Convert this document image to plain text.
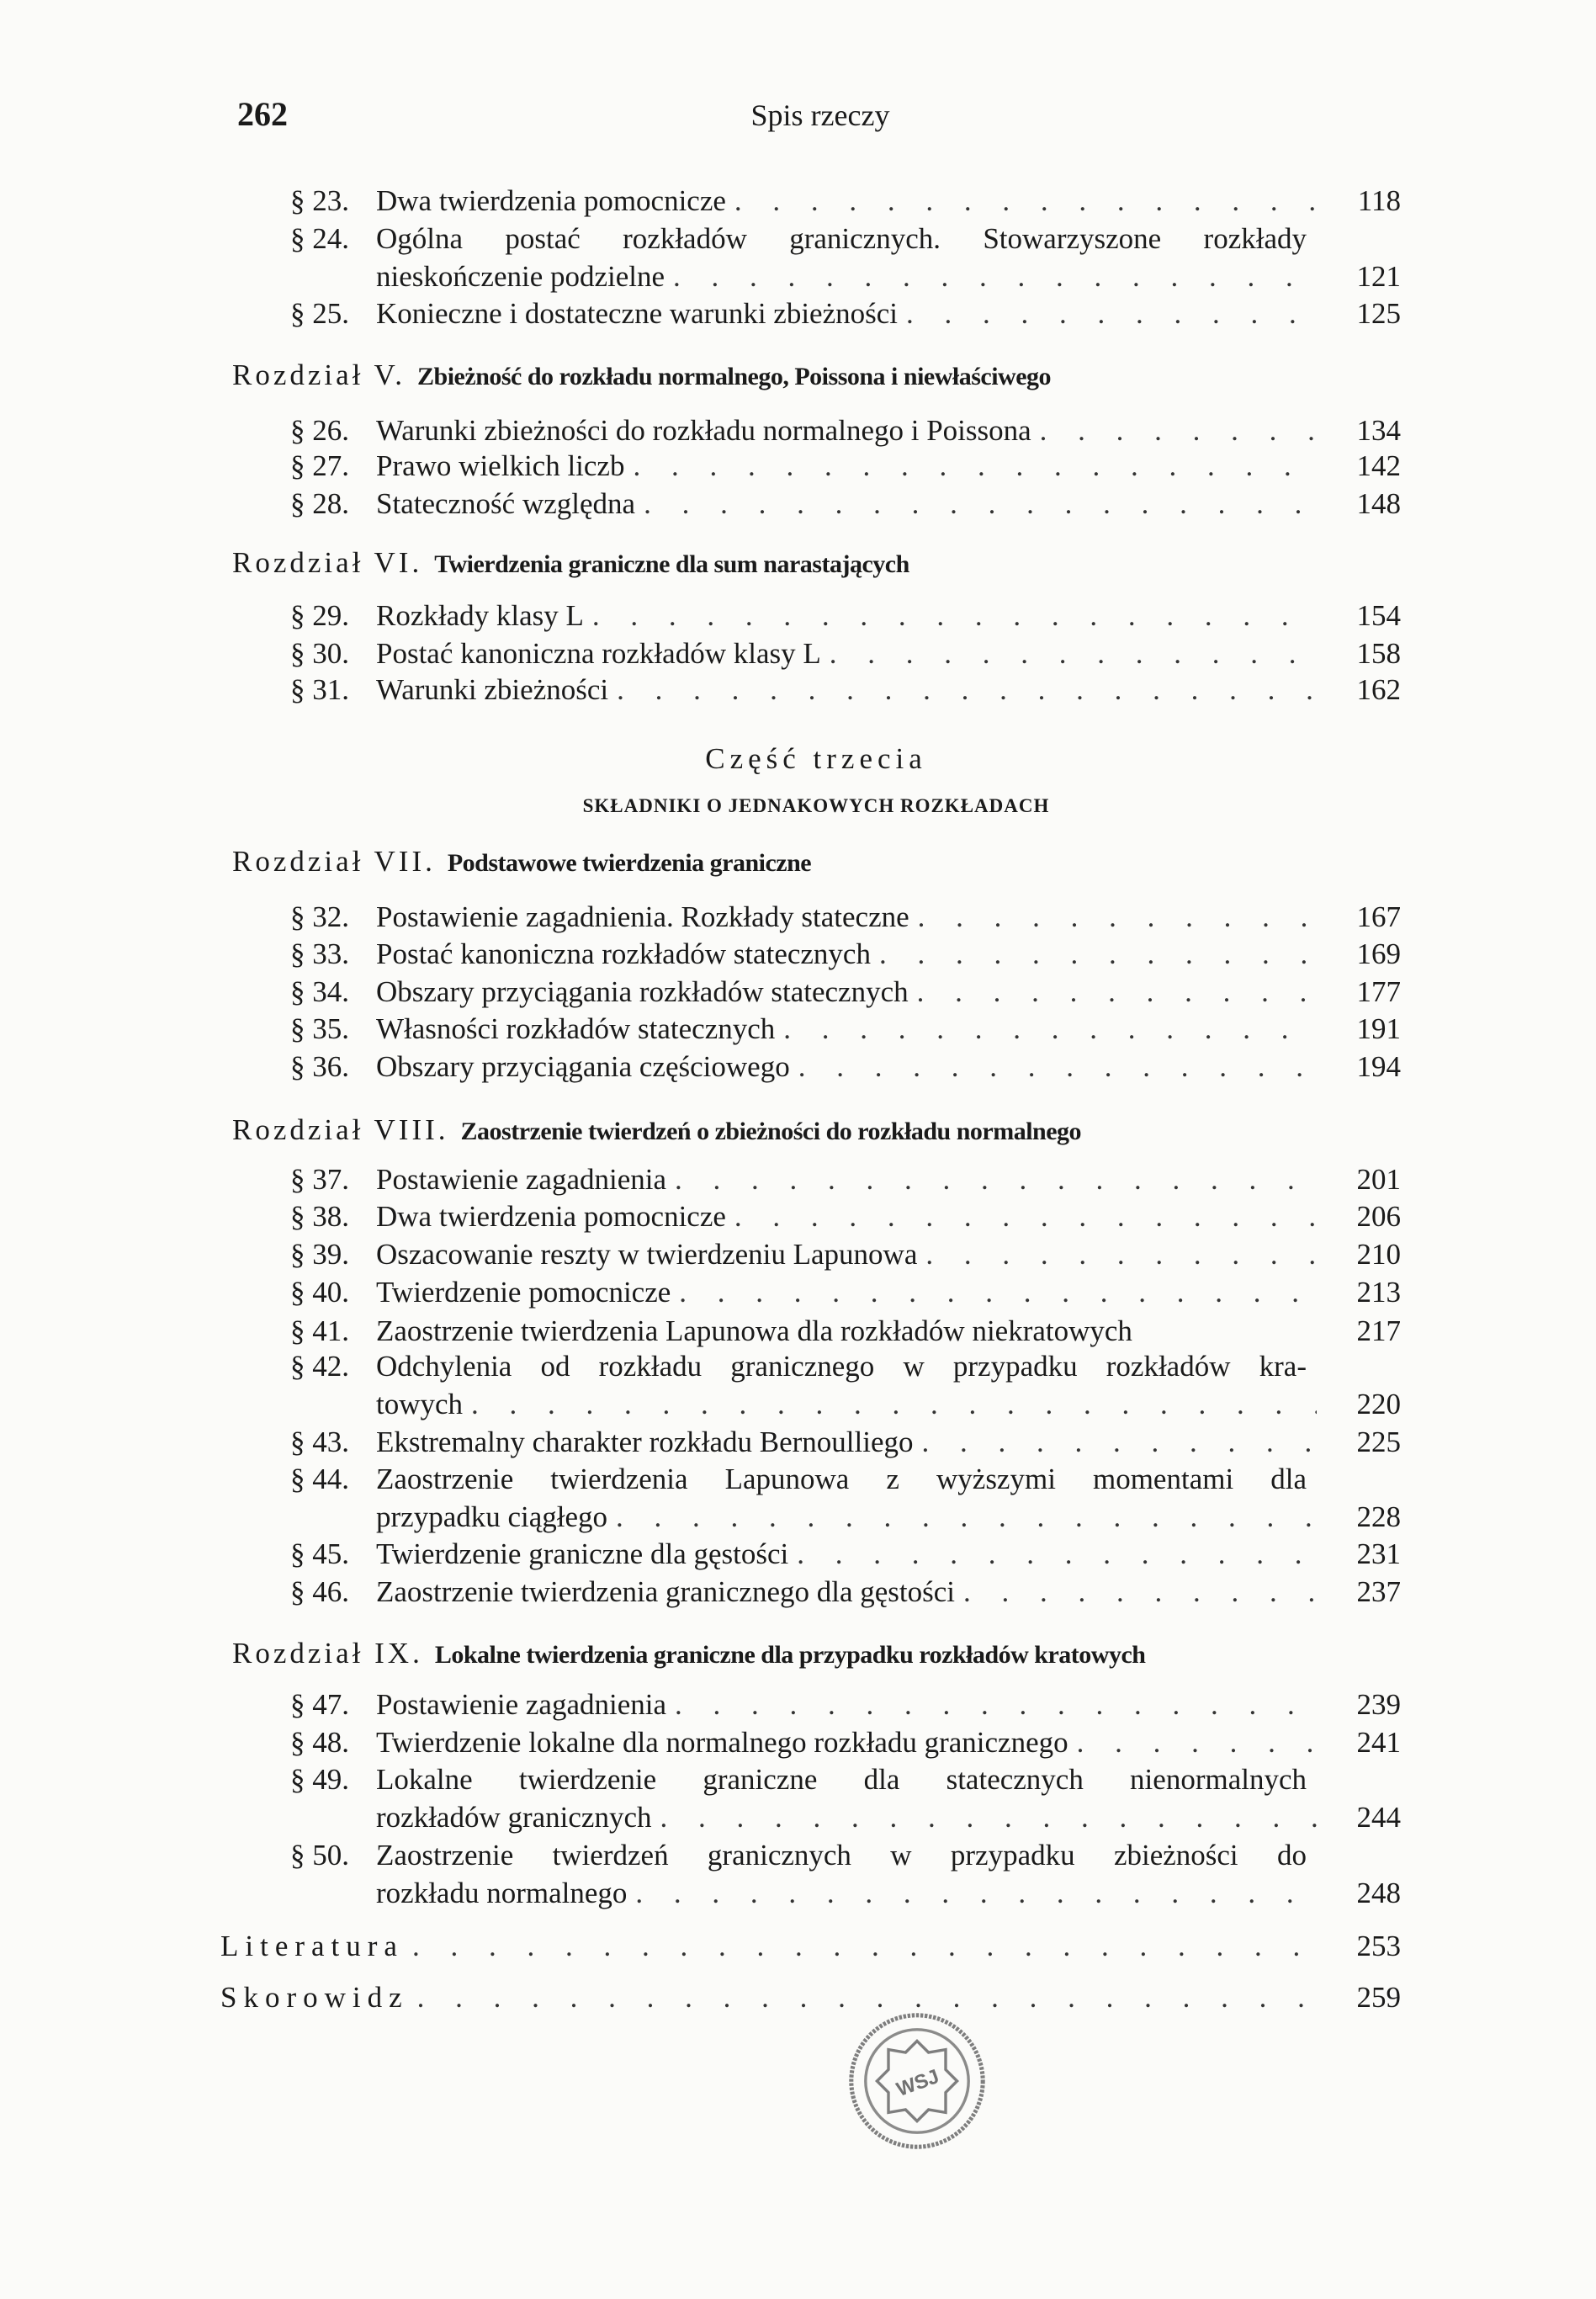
262	Spis rzeczy
§ 23. Dwa twierdzenia pomocnicze . . .	118
§ 24. Ogólna postać rozkładów granicznych. Stowarzyszone rozkłady
nieskończenie podzielne . . .	121
§ 25. Konieczne i dostateczne warunki zbieżności . . .	125
Rozdział V. Zbieżność do rozkładu normalnego, Poissona i niewłaściwego
§ 26. Warunki zbieżności do rozkładu normalnego i Poissona . . .	134
§ 27. Prawo wielkich liczb . . .	142
§ 28. Stateczność względna . . .	148
Rozdział VI. Twierdzenia graniczne dla sum narastających
§ 29. Rozkłady klasy L . . .	154
§ 30. Postać kanoniczna rozkładów klasy L . . .	158
§ 31. Warunki zbieżności . . .	162
Część trzecia
SKŁADNIKI O JEDNAKOWYCH ROZKŁADACH
Rozdział VII. Podstawowe twierdzenia graniczne
§ 32. Postawienie zagadnienia. Rozkłady stateczne . . .	167
§ 33. Postać kanoniczna rozkładów statecznych . . .	169
§ 34. Obszary przyciągania rozkładów statecznych . . .	177
§ 35. Własności rozkładów statecznych . . .	191
§ 36. Obszary przyciągania częściowego . . .	194
Rozdział VIII. Zaostrzenie twierdzeń o zbieżności do rozkładu normalnego
§ 37. Postawienie zagadnienia . . .	201
§ 38. Dwa twierdzenia pomocnicze . . .	206
§ 39. Oszacowanie reszty w twierdzeniu Lapunowa . . .	210
§ 40. Twierdzenie pomocnicze . . .	213
§ 41. Zaostrzenie twierdzenia Lapunowa dla rozkładów niekratowych	217
§ 42. Odchylenia od rozkładu granicznego w przypadku rozkładów kra-
towych . . .	220
§ 43. Ekstremalny charakter rozkładu Bernoulliego . . .	225
§ 44. Zaostrzenie twierdzenia Lapunowa z wyższymi momentami dla
przypadku ciągłego . . .	228
§ 45. Twierdzenie graniczne dla gęstości . . .	231
§ 46. Zaostrzenie twierdzenia granicznego dla gęstości . . .	237
Rozdział IX. Lokalne twierdzenia graniczne dla przypadku rozkładów kratowych
§ 47. Postawienie zagadnienia . . .	239
§ 48. Twierdzenie lokalne dla normalnego rozkładu granicznego . . .	241
§ 49. Lokalne twierdzenie graniczne dla statecznych nienormalnych
rozkładów granicznych . . .	244
§ 50. Zaostrzenie twierdzeń granicznych w przypadku zbieżności do
rozkładu normalnego . . .	248
Literatura . . .	253
Skorowidz . . .	259
WSJ
